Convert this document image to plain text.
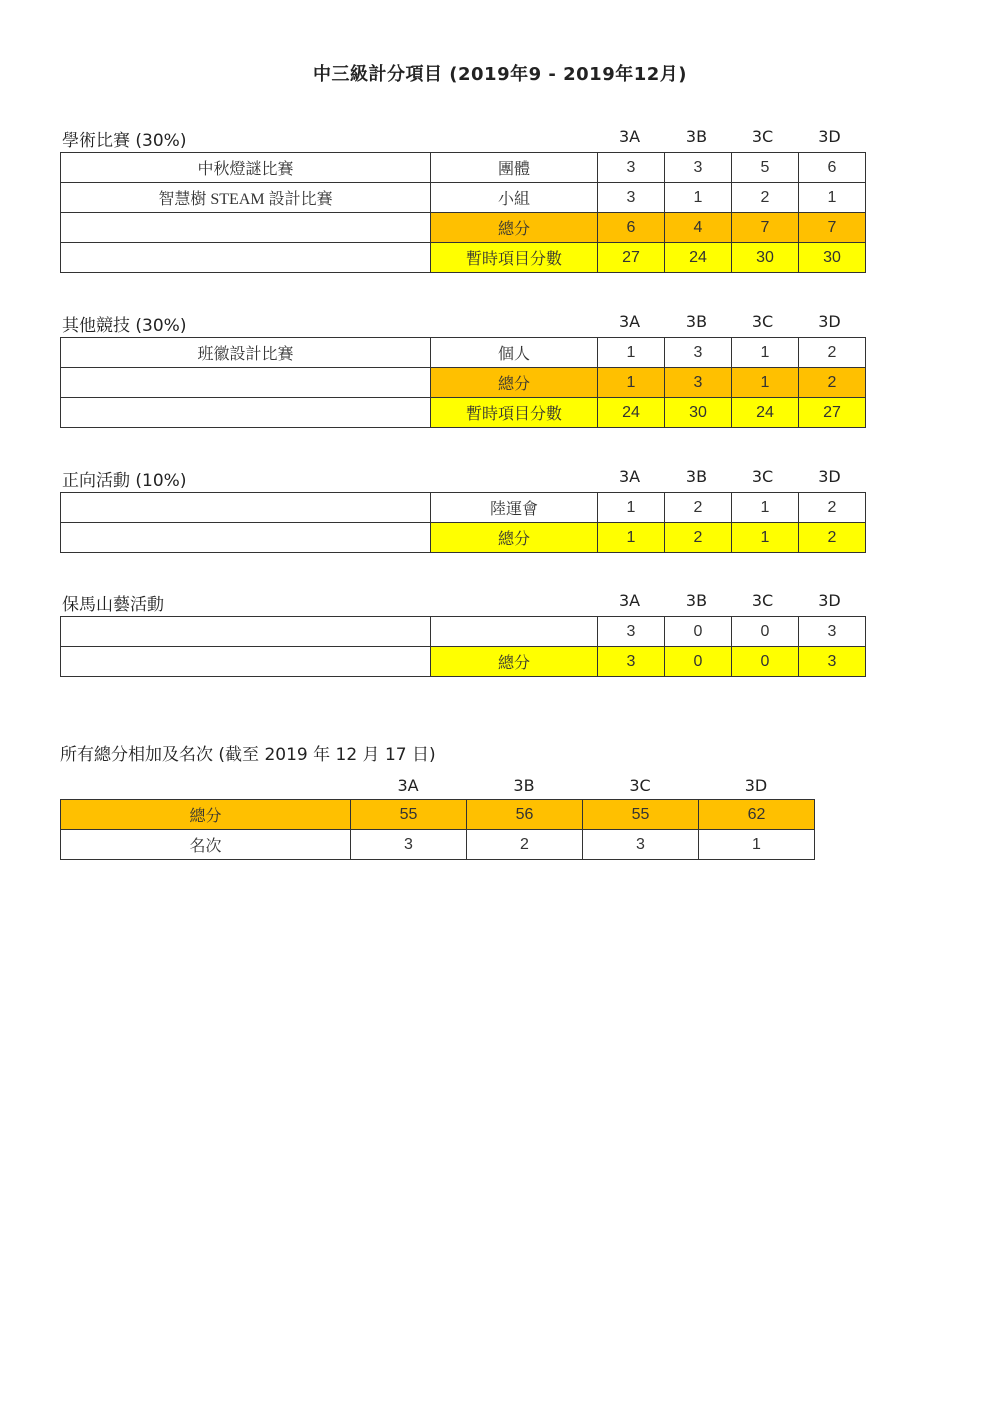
中三級計分項目 (2019年9 - 2019年12月)
學術比賽 (30%)	3A	3B	3C	3D
中秋燈謎比賽	團體	3	3	5	6
智慧樹 STEAM 設計比賽	小組	3	1	2	1
	總分	6	4	7	7
	暫時項目分數	27	24	30	30
其他競技 (30%)	3A	3B	3C	3D
班徽設計比賽	個人	1	3	1	2
	總分	1	3	1	2
	暫時項目分數	24	30	24	27
正向活動 (10%)	3A	3B	3C	3D
	陸運會	1	2	1	2
	總分	1	2	1	2
保馬山藝活動	3A	3B	3C	3D
		3	0	0	3
	總分	3	0	0	3
所有總分相加及名次 (截至 2019 年 12 月 17 日)
3A	3B	3C	3D
總分	55	56	55	62
名次	3	2	3	1
